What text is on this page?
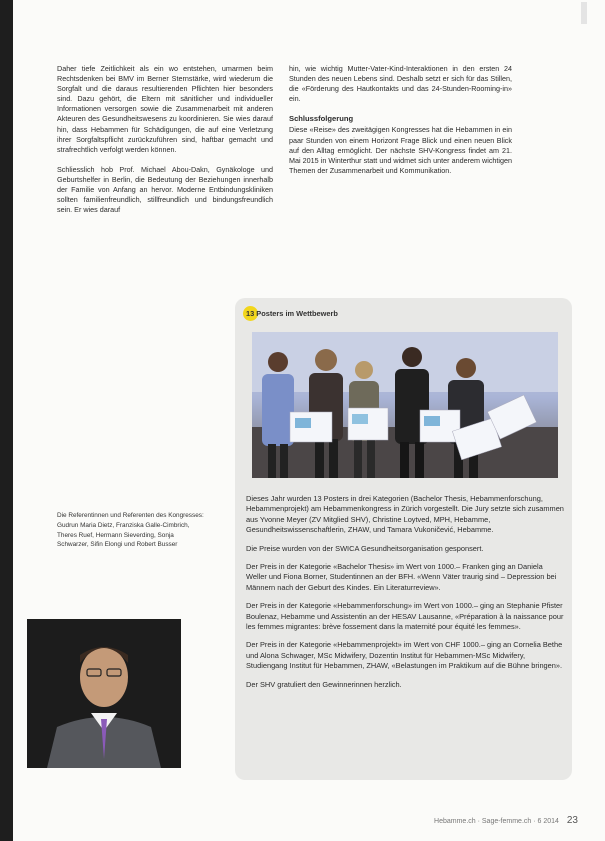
Daher tiefe Zeitlichkeit als ein wo entstehen, umarmen beim Rechtsdenken bei BMV im Berner Sternstärke, wird wiederum die Sorgfalt und die daraus resultierenden Pflichten hier besonders sind. Dazu gehört, die Eltern mit sänitlicher und individueller Informationen versorgen sowie die Zusammenarbeit mit anderen Akteuren des Gesundheitswesens zu koordinieren. Sie wies darauf hin, dass Hebammen für Schädigungen, die auf eine Verletzung ihrer Sorgfaltspflicht zurückzuführen sind, haftbar gemacht und strafrechtlich verfolgt werden können.

Schliesslich hob Prof. Michael Abou-Dakn, Gynäkologe und Geburtshelfer in Berlin, die Bedeutung der Beziehungen innerhalb der Familie von Anfang an hervor. Moderne Entbindungskliniken sollten familienfreundlich, stillfreundlich und bindungsfreundlich sein. Er wies darauf

hin, wie wichtig Mutter-Vater-Kind-Interaktionen in den ersten 24 Stunden des neuen Lebens sind. Deshalb setzt er sich für das Stillen, die «Förderung des Hautkontakts und das 24-Stunden-Rooming-in» ein.

Schlussfolgerung

Diese «Reise» des zweitägigen Kongresses hat die Hebammen in ein paar Stunden von einem Horizont Frage Blick und einen neuen Blick auf den Alltag ermöglicht. Der nächste SHV-Kongress findet am 21. Mai 2015 in Winterthur statt und widmet sich unter anderem wichtigen Themen der Zusammenarbeit und Kommunikation.

13 Posters im Wettbewerb

Dieses Jahr wurden 13 Posters in drei Kategorien (Bachelor Thesis, Hebammenforschung, Hebammenprojekt) am Hebammenkongress in Zürich vorgestellt. Die Jury setzte sich zusammen aus Yvonne Meyer (ZV Mitglied SHV), Christine Loytved, MPH, Hebamme, Gesundheitswissenschaftlerin, ZHAW, und Tamara Vukoničević, Hebamme.

Die Preise wurden von der SWICA Gesundheitsorganisation gesponsert.

Der Preis in der Kategorie «Bachelor Thesis» im Wert von 1000.– Franken ging an Daniela Weller und Fiona Borner, Studentinnen an der BFH. «Wenn Väter traurig sind – Depression bei Männern nach der Geburt des Kindes. Ein Literaturreview».

Der Preis in der Kategorie «Hebammenforschung» im Wert von 1000.– ging an Stephanie Pfister Boulenaz, Hebamme und Assistentin an der HESAV Lausanne, «Préparation à la naissance pour les femmes migrantes: brève fossement dans la maternité pour équité les femmes».

Der Preis in der Kategorie «Hebammenprojekt» im Wert von CHF 1000.– ging an Cornelia Bethe und Alona Schwager, MSc Midwifery, Dozentin Institut für Hebammen-MSc Midwifery, Studiengang Institut für Hebammen, ZHAW, «Belastungen im Praktikum auf die Bühne bringen».

Der SHV gratuliert den Gewinnerinnen herzlich.

Die Referentinnen und Referenten des Kongresses: Gudrun Maria Dietz, Franziska Galle-Cimbrich, Theres Ruef, Hermann Sieverding, Sonja Schwarzer, Sifin Elongi und Robert Busser
Hebamme.ch · Sage-femme.ch · 6 2014 23
